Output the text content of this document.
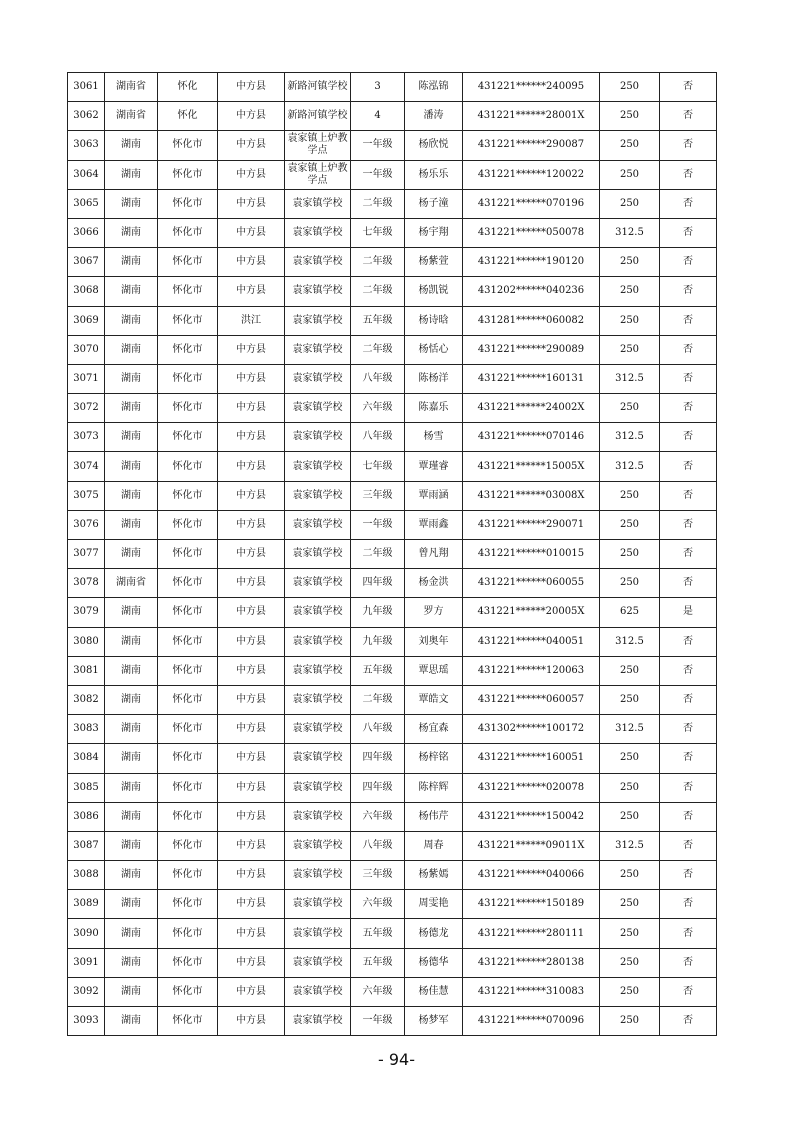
3061	湖南省	怀化	中方县	新路河镇学校	3	陈泓锦	431221******240095	250	否
3062	湖南省	怀化	中方县	新路河镇学校	4	潘涛	431221******28001X	250	否
3063	湖南	怀化市	中方县	袁家镇上炉教学点	一年级	杨欣悦	431221******290087	250	否
3064	湖南	怀化市	中方县	袁家镇上炉教学点	一年级	杨乐乐	431221******120022	250	否
3065	湖南	怀化市	中方县	袁家镇学校	二年级	杨子潼	431221******070196	250	否
3066	湖南	怀化市	中方县	袁家镇学校	七年级	杨宇翔	431221******050078	312.5	否
3067	湖南	怀化市	中方县	袁家镇学校	二年级	杨紫萱	431221******190120	250	否
3068	湖南	怀化市	中方县	袁家镇学校	二年级	杨凯锐	431202******040236	250	否
3069	湖南	怀化市	洪江	袁家镇学校	五年级	杨诗晗	431281******060082	250	否
3070	湖南	怀化市	中方县	袁家镇学校	二年级	杨恬心	431221******290089	250	否
3071	湖南	怀化市	中方县	袁家镇学校	八年级	陈杨洋	431221******160131	312.5	否
3072	湖南	怀化市	中方县	袁家镇学校	六年级	陈嘉乐	431221******24002X	250	否
3073	湖南	怀化市	中方县	袁家镇学校	八年级	杨雪	431221******070146	312.5	否
3074	湖南	怀化市	中方县	袁家镇学校	七年级	覃瑾睿	431221******15005X	312.5	否
3075	湖南	怀化市	中方县	袁家镇学校	三年级	覃雨涵	431221******03008X	250	否
3076	湖南	怀化市	中方县	袁家镇学校	一年级	覃雨鑫	431221******290071	250	否
3077	湖南	怀化市	中方县	袁家镇学校	二年级	曾凡翔	431221******010015	250	否
3078	湖南省	怀化市	中方县	袁家镇学校	四年级	杨金洪	431221******060055	250	否
3079	湖南	怀化市	中方县	袁家镇学校	九年级	罗方	431221******20005X	625	是
3080	湖南	怀化市	中方县	袁家镇学校	九年级	刘奥年	431221******040051	312.5	否
3081	湖南	怀化市	中方县	袁家镇学校	五年级	覃思瑶	431221******120063	250	否
3082	湖南	怀化市	中方县	袁家镇学校	二年级	覃皓文	431221******060057	250	否
3083	湖南	怀化市	中方县	袁家镇学校	八年级	杨宜森	431302******100172	312.5	否
3084	湖南	怀化市	中方县	袁家镇学校	四年级	杨梓铭	431221******160051	250	否
3085	湖南	怀化市	中方县	袁家镇学校	四年级	陈梓辉	431221******020078	250	否
3086	湖南	怀化市	中方县	袁家镇学校	六年级	杨伟芹	431221******150042	250	否
3087	湖南	怀化市	中方县	袁家镇学校	八年级	周春	431221******09011X	312.5	否
3088	湖南	怀化市	中方县	袁家镇学校	三年级	杨紫嫣	431221******040066	250	否
3089	湖南	怀化市	中方县	袁家镇学校	六年级	周雯艳	431221******150189	250	否
3090	湖南	怀化市	中方县	袁家镇学校	五年级	杨德龙	431221******280111	250	否
3091	湖南	怀化市	中方县	袁家镇学校	五年级	杨德华	431221******280138	250	否
3092	湖南	怀化市	中方县	袁家镇学校	六年级	杨佳慧	431221******310083	250	否
3093	湖南	怀化市	中方县	袁家镇学校	一年级	杨梦军	431221******070096	250	否
- 94-
